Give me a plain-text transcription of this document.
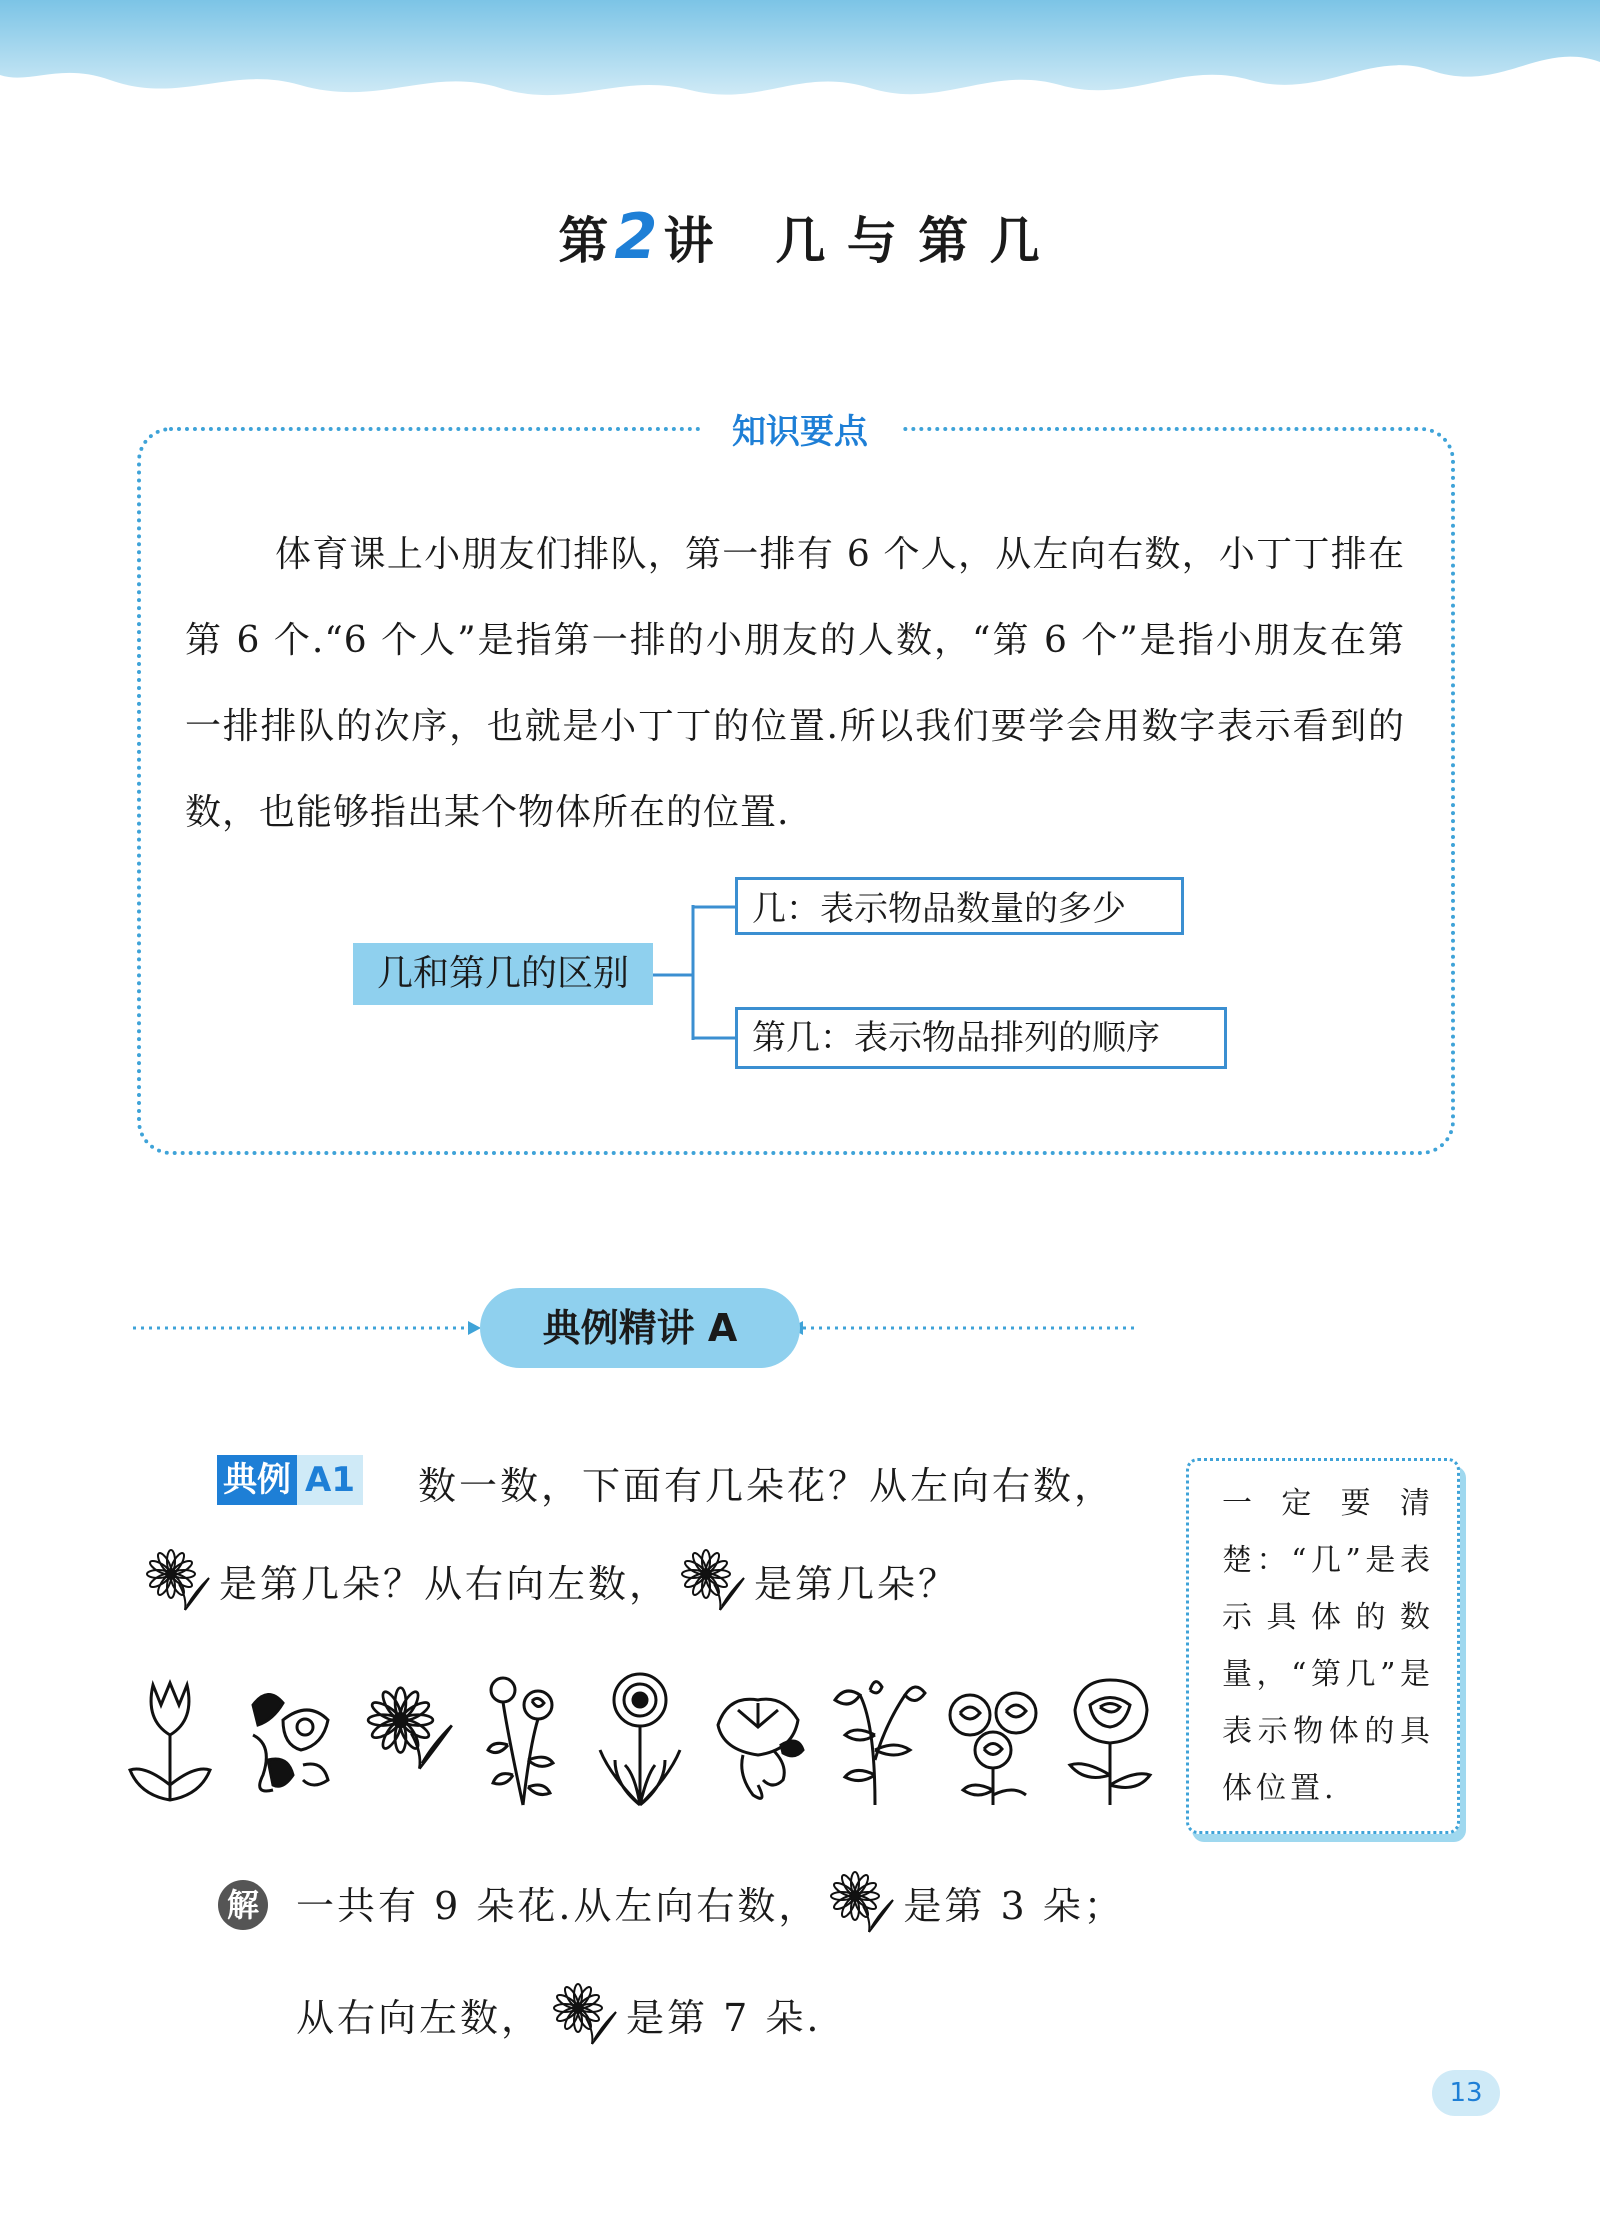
第2讲 几 与 第 几
知识要点
体育课上小朋友们排队，第一排有 6 个人，从左向右数，小丁丁排在第 6 个.“6 个人”是指第一排的小朋友的人数，“第 6 个”是指小朋友在第一排排队的次序，也就是小丁丁的位置.所以我们要学会用数字表示看到的数，也能够指出某个物体所在的位置.
几和第几的区别
几：表示物品数量的多少
第几：表示物品排列的顺序
典例精讲 A
典例 A1 数一数，下面有几朵花？从左向右数，
是第几朵？从右向左数， 是第几朵？
一定要清楚：“几”是表示具体的数量，“第几”是表示物体的具体位置.
解 一共有 9 朵花.从左向右数， 是第 3 朵；
从右向左数， 是第 7 朵.
13
